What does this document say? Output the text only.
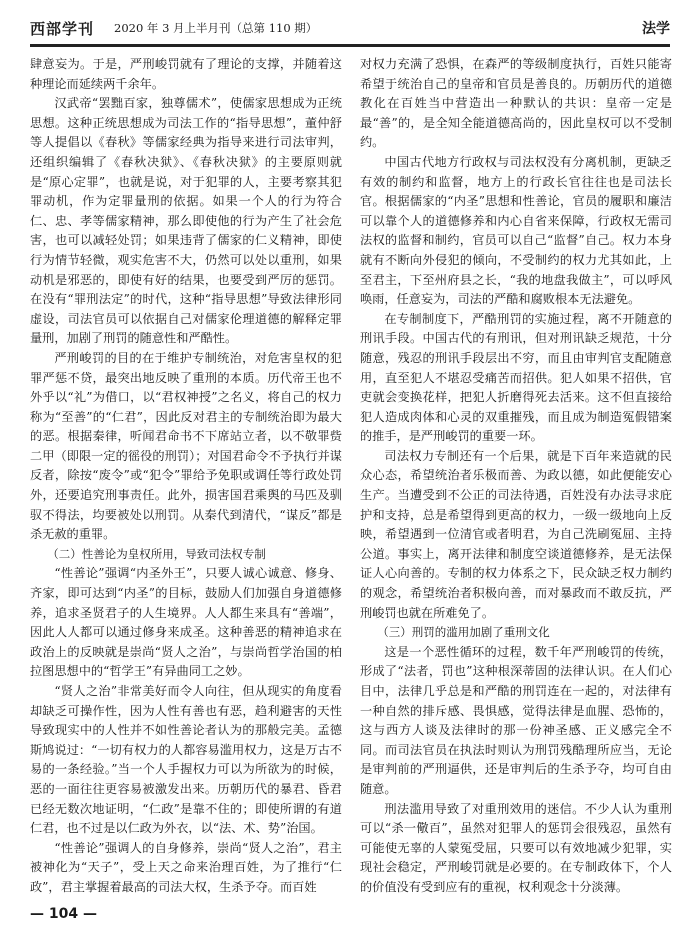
西部学刊 2020 年 3 月上半月刊（总第 110 期）	法学

肆意妄为。于是，严刑峻罚就有了理论的支撑，并随着这种理论而延续两千余年。

汉武帝“罢黜百家，独尊儒术”，使儒家思想成为正统思想。这种正统思想成为司法工作的“指导思想”，董仲舒等人提倡以《春秋》等儒家经典为指导来进行司法审判，还组织编辑了《春秋决狱》、《春秋决狱》的主要原则就是“原心定罪”，也就是说，对于犯罪的人，主要考察其犯罪动机，作为定罪量刑的依据。如果一个人的行为符合仁、忠、孝等儒家精神，那么即使他的行为产生了社会危害，也可以减轻处罚；如果违背了儒家的仁义精神，即使行为情节轻微，观实危害不大，仍然可以处以重刑，如果动机是邪恶的，即使有好的结果，也要受到严厉的惩罚。在没有“罪刑法定”的时代，这种“指导思想”导致法律形同虚设，司法官员可以依据自己对儒家伦理道德的解释定罪量刑，加剧了刑罚的随意性和严酷性。

严刑峻罚的目的在于维护专制统治，对危害皇权的犯罪严惩不贷，最突出地反映了重刑的本质。历代帝王也不外乎以“礼”为借口，以“君权神授”之名义，将自己的权力称为“至善”的“仁君”，因此反对君主的专制统治即为最大的恶。根据秦律，听闻君命书不下席站立者，以不敬罪赀二甲（即限一定的徭役的刑罚）；对国君命令不予执行并谋反者，除按“废令”或“犯令”罪给予免职或调任等行政处罚外，还要追究刑事责任。此外，损害国君乘舆的马匹及驯驭不得法，均要被处以刑罚。从秦代到清代，“谋反”都是杀无赦的重罪。

（二）性善论为皇权所用，导致司法权专制

“性善论”强调“内圣外王”，只要人诚心诚意、修身、齐家，即可达到“内圣”的目标，鼓励人们加强自身道德修养，追求圣贤君子的人生境界。人人都生来具有“善端”，因此人人都可以通过修身来成圣。这种善恶的精神追求在政治上的反映就是崇尚“贤人之治”，与崇尚哲学治国的柏拉图思想中的“哲学王”有异曲同工之妙。

“贤人之治”非常美好而令人向往，但从现实的角度看却缺乏可操作性，因为人性有善也有恶，趋利避害的天性导致现实中的人性并不如性善论者认为的那般完美。孟德斯鸠说过：“一切有权力的人都容易滥用权力，这是万古不易的一条经验。”当一个人手握权力可以为所欲为的时候，恶的一面往往更容易被激发出来。历朝历代的暴君、昏君已经无数次地证明，“仁政”是靠不住的；即使所谓的有道仁君，也不过是以仁政为外衣，以“法、术、势”治国。

“性善论”强调人的自身修养，崇尚“贤人之治”，君主被神化为“天子”，受上天之命来治理百姓，为了推行“仁政”，君主掌握着最高的司法大权，生杀予夺。而百姓

对权力充满了恐惧，在森严的等级制度执行，百姓只能寄希望于统治自己的皇帝和官员是善良的。历朝历代的道德教化在百姓当中营造出一种默认的共识：皇帝一定是最“善”的，是全知全能道德高尚的，因此皇权可以不受制约。

中国古代地方行政权与司法权没有分离机制，更缺乏有效的制约和监督，地方上的行政长官往往也是司法长官。根据儒家的“内圣”思想和性善论，官员的履职和廉洁可以靠个人的道德修养和内心自省来保障，行政权无需司法权的监督和制约，官员可以自己“监督”自己。权力本身就有不断向外侵犯的倾向，不受制约的权力尤其如此，上至君主，下至州府县之长，“我的地盘我做主”，可以呼风唤雨，任意妄为，司法的严酷和腐败根本无法避免。

在专制制度下，严酷刑罚的实施过程，离不开随意的刑讯手段。中国古代的有刑讯，但对刑讯缺乏规范，十分随意，残忍的刑讯手段层出不穷，而且由审判官支配随意用，直至犯人不堪忍受痛苦而招供。犯人如果不招供，官吏就会变换花样，把犯人折磨得死去活来。这不但直接给犯人造成肉体和心灵的双重摧残，而且成为制造冤假错案的推手，是严刑峻罚的重要一环。

司法权力专制还有一个后果，就是下百年来造就的民众心态，希望统治者乐极而善、为政以德，如此便能安心生产。当遭受到不公正的司法待遇，百姓没有办法寻求庇护和支持，总是希望得到更高的权力，一级一级地向上反映，希望遇到一位清官或者明君，为自己洗刷冤屈、主持公道。事实上，离开法律和制度空谈道德修养，是无法保证人心向善的。专制的权力体系之下，民众缺乏权力制约的观念，希望统治者积极向善，而对暴政而不敢反抗，严刑峻罚也就在所难免了。

（三）刑罚的滥用加剧了重刑文化

这是一个恶性循环的过程，数千年严刑峻罚的传统，形成了“法者，罚也”这种根深蒂固的法律认识。在人们心目中，法律几乎总是和严酷的刑罚连在一起的，对法律有一种自然的排斥感、畏惧感，觉得法律是血腥、恐怖的，这与西方人谈及法律时的那一份神圣感、正义感完全不同。而司法官员在执法时则认为刑罚残酷理所应当，无论是审判前的严刑逼供，还是审判后的生杀予夺，均可自由随意。

刑法滥用导致了对重刑效用的迷信。不少人认为重刑可以“杀一儆百”，虽然对犯罪人的惩罚会很残忍，虽然有可能使无辜的人蒙冤受屈，只要可以有效地减少犯罪，实现社会稳定，严刑峻罚就是必要的。在专制政体下，个人的价值没有受到应有的重视，权利观念十分淡薄。

— 104 —
